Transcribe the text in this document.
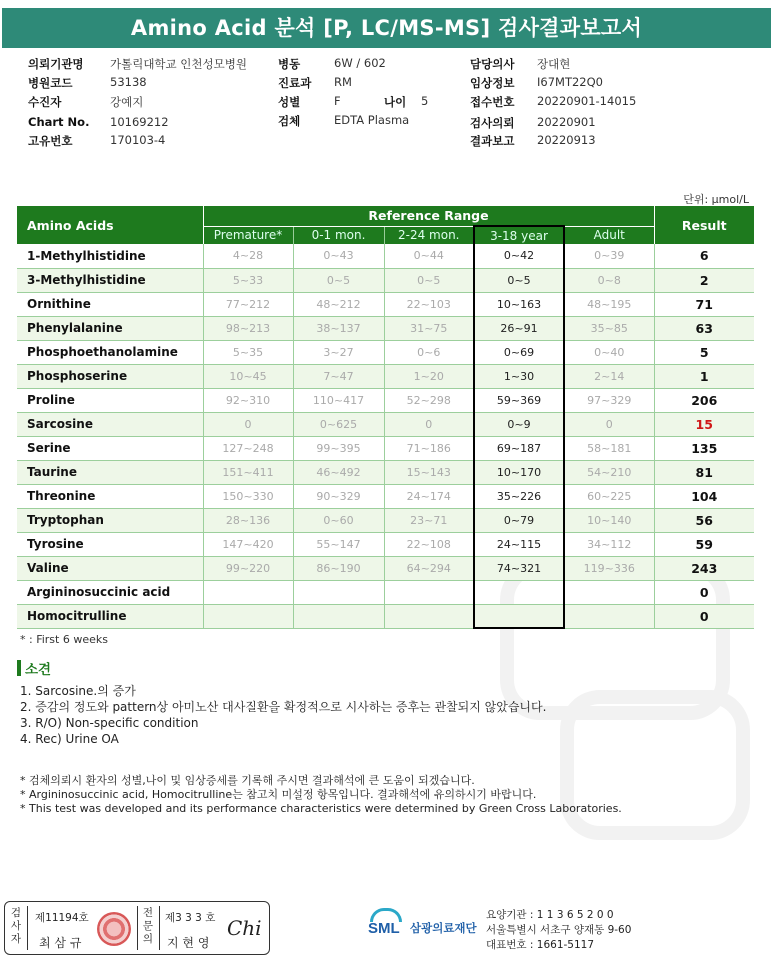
Amino Acid 분석 [P, LC/MS-MS] 검사결과보고서
의뢰기관명 가톨릭대학교 인천성모병원
병원코드	53138
수진자	강예지
Chart No. 10169212
고유번호	170103-4
병동	6W / 602
진료과 RM
성별	F	나이 5
검체	EDTA Plasma
담당의사 장대현
임상정보 I67MT22Q0
접수번호 20220901-14015
검사의뢰 20220901
결과보고 20220913
단위: μmol/L
Amino Acids	Reference Range					Result
	Premature*	0-1 mon.	2-24 mon.	3-18 year	Adult	
1-Methylhistidine	4~28	0~43	0~44	0~42	0~39	6
3-Methylhistidine	5~33	0~5	0~5	0~5	0~8	2
Ornithine	77~212	48~212	22~103	10~163	48~195	71
Phenylalanine	98~213	38~137	31~75	26~91	35~85	63
Phosphoethanolamine	5~35	3~27	0~6	0~69	0~40	5
Phosphoserine	10~45	7~47	1~20	1~30	2~14	1
Proline	92~310	110~417	52~298	59~369	97~329	206
Sarcosine	0	0~625	0	0~9	0	15
Serine	127~248	99~395	71~186	69~187	58~181	135
Taurine	151~411	46~492	15~143	10~170	54~210	81
Threonine	150~330	90~329	24~174	35~226	60~225	104
Tryptophan	28~136	0~60	23~71	0~79	10~140	56
Tyrosine	147~420	55~147	22~108	24~115	34~112	59
Valine	99~220	86~190	64~294	74~321	119~336	243
Argininosuccinic acid						0
Homocitrulline						0
* : First 6 weeks
소견
1. Sarcosine.의 증가
2. 증감의 정도와 pattern상 아미노산 대사질환을 확정적으로 시사하는 증후는 관찰되지 않았습니다.
3. R/O) Non-specific condition
4. Rec) Urine OA
* 검체의뢰시 환자의 성별,나이 및 임상증세를 기록해 주시면 결과해석에 큰 도움이 되겠습니다.
* Argininosuccinic acid, Homocitrulline는 참고치 미설정 항목입니다. 결과해석에 유의하시기 바랍니다.
* This test was developed and its performance characteristics were determined by Green Cross Laboratories.
검
사
자
제11194호
최 삼 규
전
문
의
제3 3 3 호
지 현 영
Chi	SML 삼광의료재단
요양기관 : 1 1 3 6 5 2 0 0
서울특별시 서초구 양재동 9-60
대표번호 : 1661-5117
